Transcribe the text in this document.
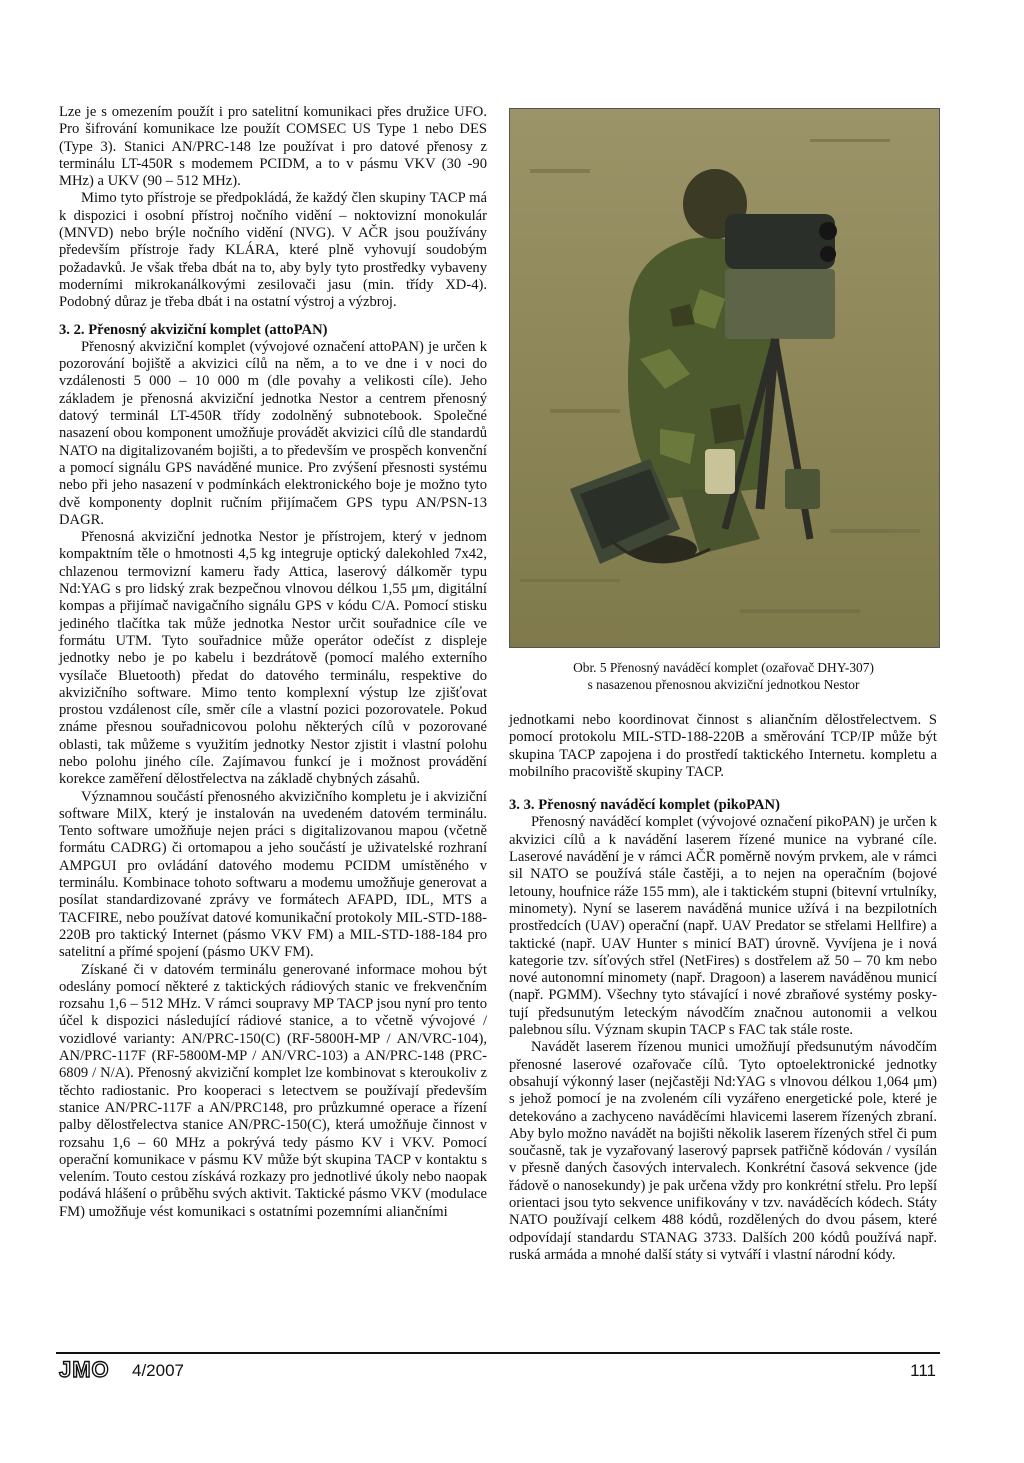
Lze je s omezením použít i pro satelitní komunikaci přes družice UFO. Pro šifrování komunikace lze použít COMSEC US Type 1 nebo DES (Type 3). Stanici AN/PRC-148 lze používat i pro datové přenosy z terminálu LT-450R s modemem PCIDM, a to v pásmu VKV (30 -90 MHz) a UKV (90 – 512 MHz).

Mimo tyto přístroje se předpokládá, že každý člen skupiny TACP má k dispozici i osobní přístroj nočního vidění – noktovizní monokulár (MNVD) nebo brýle nočního vidění (NVG). V AČR jsou používány především přístroje řady KLÁRA, které plně vyhovují soudobým požadavků. Je však třeba dbát na to, aby byly tyto prostředky vybaveny moderními mikrokanálkovými zesilovači jasu (min. třídy XD-4). Podobný důraz je třeba dbát i na ostatní výstroj a výzbroj.

3. 2. Přenosný akviziční komplet (attoPAN)

Přenosný akviziční komplet (vývojové označení attoPAN) je určen k pozorování bojiště a akvizici cílů na něm, a to ve dne i v noci do vzdálenosti 5 000 – 10 000 m (dle povahy a velikosti cíle). Jeho základem je přenosná akviziční jednotka Nestor a centrem přenosný datový terminál LT-450R třídy zodolněný subnotebook. Společné nasazení obou komponent umožňuje provádět akvizici cílů dle standardů NATO na digitalizovaném bojišti, a to především ve prospěch konvenční a pomocí signálu GPS naváděné munice. Pro zvýšení přesnosti systému nebo při jeho nasazení v podmínkách elektronického boje je možno tyto dvě komponenty doplnit ručním přijímačem GPS typu AN/PSN-13 DAGR.

Přenosná akviziční jednotka Nestor je přístrojem, který v jednom kompaktním těle o hmotnosti 4,5 kg integruje optický dalekohled 7x42, chlazenou termovizní kameru řady Attica, laserový dálkoměr typu Nd:YAG s pro lidský zrak bezpečnou vlnovou délkou 1,55 μm, digitální kompas a přijímač navigačního signálu GPS v kódu C/A. Pomocí stisku jediného tlačítka tak může jednotka Nestor určit souřadnice cíle ve formátu UTM. Tyto souřadnice může operátor odečíst z displeje jednotky nebo je po kabelu i bezdrátově (pomocí malého externího vysílače Bluetooth) předat do datového terminálu, respektive do akvizičního software. Mimo tento komplexní výstup lze zjišťovat prostou vzdálenost cíle, směr cíle a vlastní pozici pozorovatele. Pokud známe přesnou souřadnicovou polohu některých cílů v pozorované oblasti, tak můžeme s využitím jednotky Nestor zjistit i vlastní polohu nebo polohu jiného cíle. Zajímavou funkcí je i možnost provádění korekce zaměření dělostřelectva na základě chybných zásahů.

Významnou součástí přenosného akvizičního kompletu je i akviziční software MilX, který je instalován na uvedeném datovém terminálu. Tento software umožňuje nejen práci s digitalizovanou mapou (včetně formátu CADRG) či ortomapou a jeho součástí je uživatelské rozhraní AMPGUI pro ovládání datového modemu PCIDM umístěného v terminálu. Kombinace tohoto softwaru a modemu umožňuje generovat a posílat standardizované zprávy ve formátech AFAPD, IDL, MTS a TACFIRE, nebo používat datové komunikační protokoly MIL-STD-188-220B pro taktický Internet (pásmo VKV FM) a MIL-STD-188-184 pro satelitní a přímé spojení (pásmo UKV FM).

Získané či v datovém terminálu generované informace mohou být odeslány pomocí některé z taktických rádiových stanic ve frekvenčním rozsahu 1,6 – 512 MHz. V rámci soupravy MP TACP jsou nyní pro tento účel k dispozici následující rádiové stanice, a to včetně vývojové / vozidlové varianty: AN/PRC-150(C) (RF-5800H-MP / AN/VRC-104), AN/PRC-117F (RF-5800M-MP / AN/VRC-103) a AN/PRC-148 (PRC-6809 / N/A). Přenosný akviziční komplet lze kombinovat s kteroukoliv z těchto radiostanic. Pro kooperaci s letectvem se používají především stanice AN/PRC-117F a AN/PRC148, pro průzkumné operace a řízení palby dělostřelectva stanice AN/PRC-150(C), která umožňuje činnost v rozsahu 1,6 – 60 MHz a pokrývá tedy pásmo KV i VKV. Pomocí operační komunikace v pásmu KV může být skupina TACP v kontaktu s velením. Touto cestou získává rozkazy pro jednotlivé úkoly nebo naopak podává hlášení o průběhu svých aktivit. Taktické pásmo VKV (modulace FM) umožňuje vést komunikaci s ostatními pozemními aliančními

Obr. 5 Přenosný naváděcí komplet (ozařovač DHY-307)
s nasazenou přenosnou akviziční jednotkou Nestor

jednotkami nebo koordinovat činnost s aliančním dělostřelectvem. S pomocí protokolu MIL-STD-188-220B a směrování TCP/IP může být skupina TACP zapojena i do prostředí taktického Internetu. kompletu a mobilního pracoviště skupiny TACP.

3. 3. Přenosný naváděcí komplet (pikoPAN)

Přenosný naváděcí komplet (vývojové označení pikoPAN) je určen k akvizici cílů a k navádění laserem řízené munice na vybrané cíle. Laserové navádění je v rámci AČR poměrně novým prvkem, ale v rámci sil NATO se používá stále častěji, a to nejen na operačním (bojové letouny, houfnice ráže 155 mm), ale i taktickém stupni (bitevní vrtulníky, minomety). Nyní se laserem naváděná munice užívá i na bezpilotních prostředcích (UAV) operační (např. UAV Predator se střelami Hellfire) a taktické (např. UAV Hunter s minicí BAT) úrovně. Vyvíjena je i nová kategorie tzv. síťových střel (NetFires) s dostřelem až 50 – 70 km nebo nové autonomní minomety (např. Dragoon) a laserem naváděnou municí (např. PGMM). Všechny tyto stávající i nové zbraňové systémy poskytují předsunutým leteckým návodčím značnou autonomii a velkou palebnou sílu. Význam skupin TACP s FAC tak stále roste.

Navádět laserem řízenou munici umožňují předsunutým návodčím přenosné laserové ozařovače cílů. Tyto optoelektronické jednotky obsahují výkonný laser (nejčastěji Nd:YAG s vlnovou délkou 1,064 μm) s jehož pomocí je na zvoleném cíli vyzářeno energetické pole, které je detekováno a zachyceno naváděcími hlavicemi laserem řízených zbraní. Aby bylo možno navádět na bojišti několik laserem řízených střel či pum současně, tak je vyzařovaný laserový paprsek patřičně kódován / vysílán v přesně daných časových intervalech. Konkrétní časová sekvence (jde řádově o nanosekundy) je pak určena vždy pro konkrétní střelu. Pro lepší orientaci jsou tyto sekvence unifikovány v tzv. naváděcích kódech. Státy NATO používají celkem 488 kódů, rozdělených do dvou pásem, které odpovídají standardu STANAG 3733. Dalších 200 kódů používá např. ruská armáda a mnohé další státy si vytváří i vlastní národní kódy.

JMO 4/2007	111
